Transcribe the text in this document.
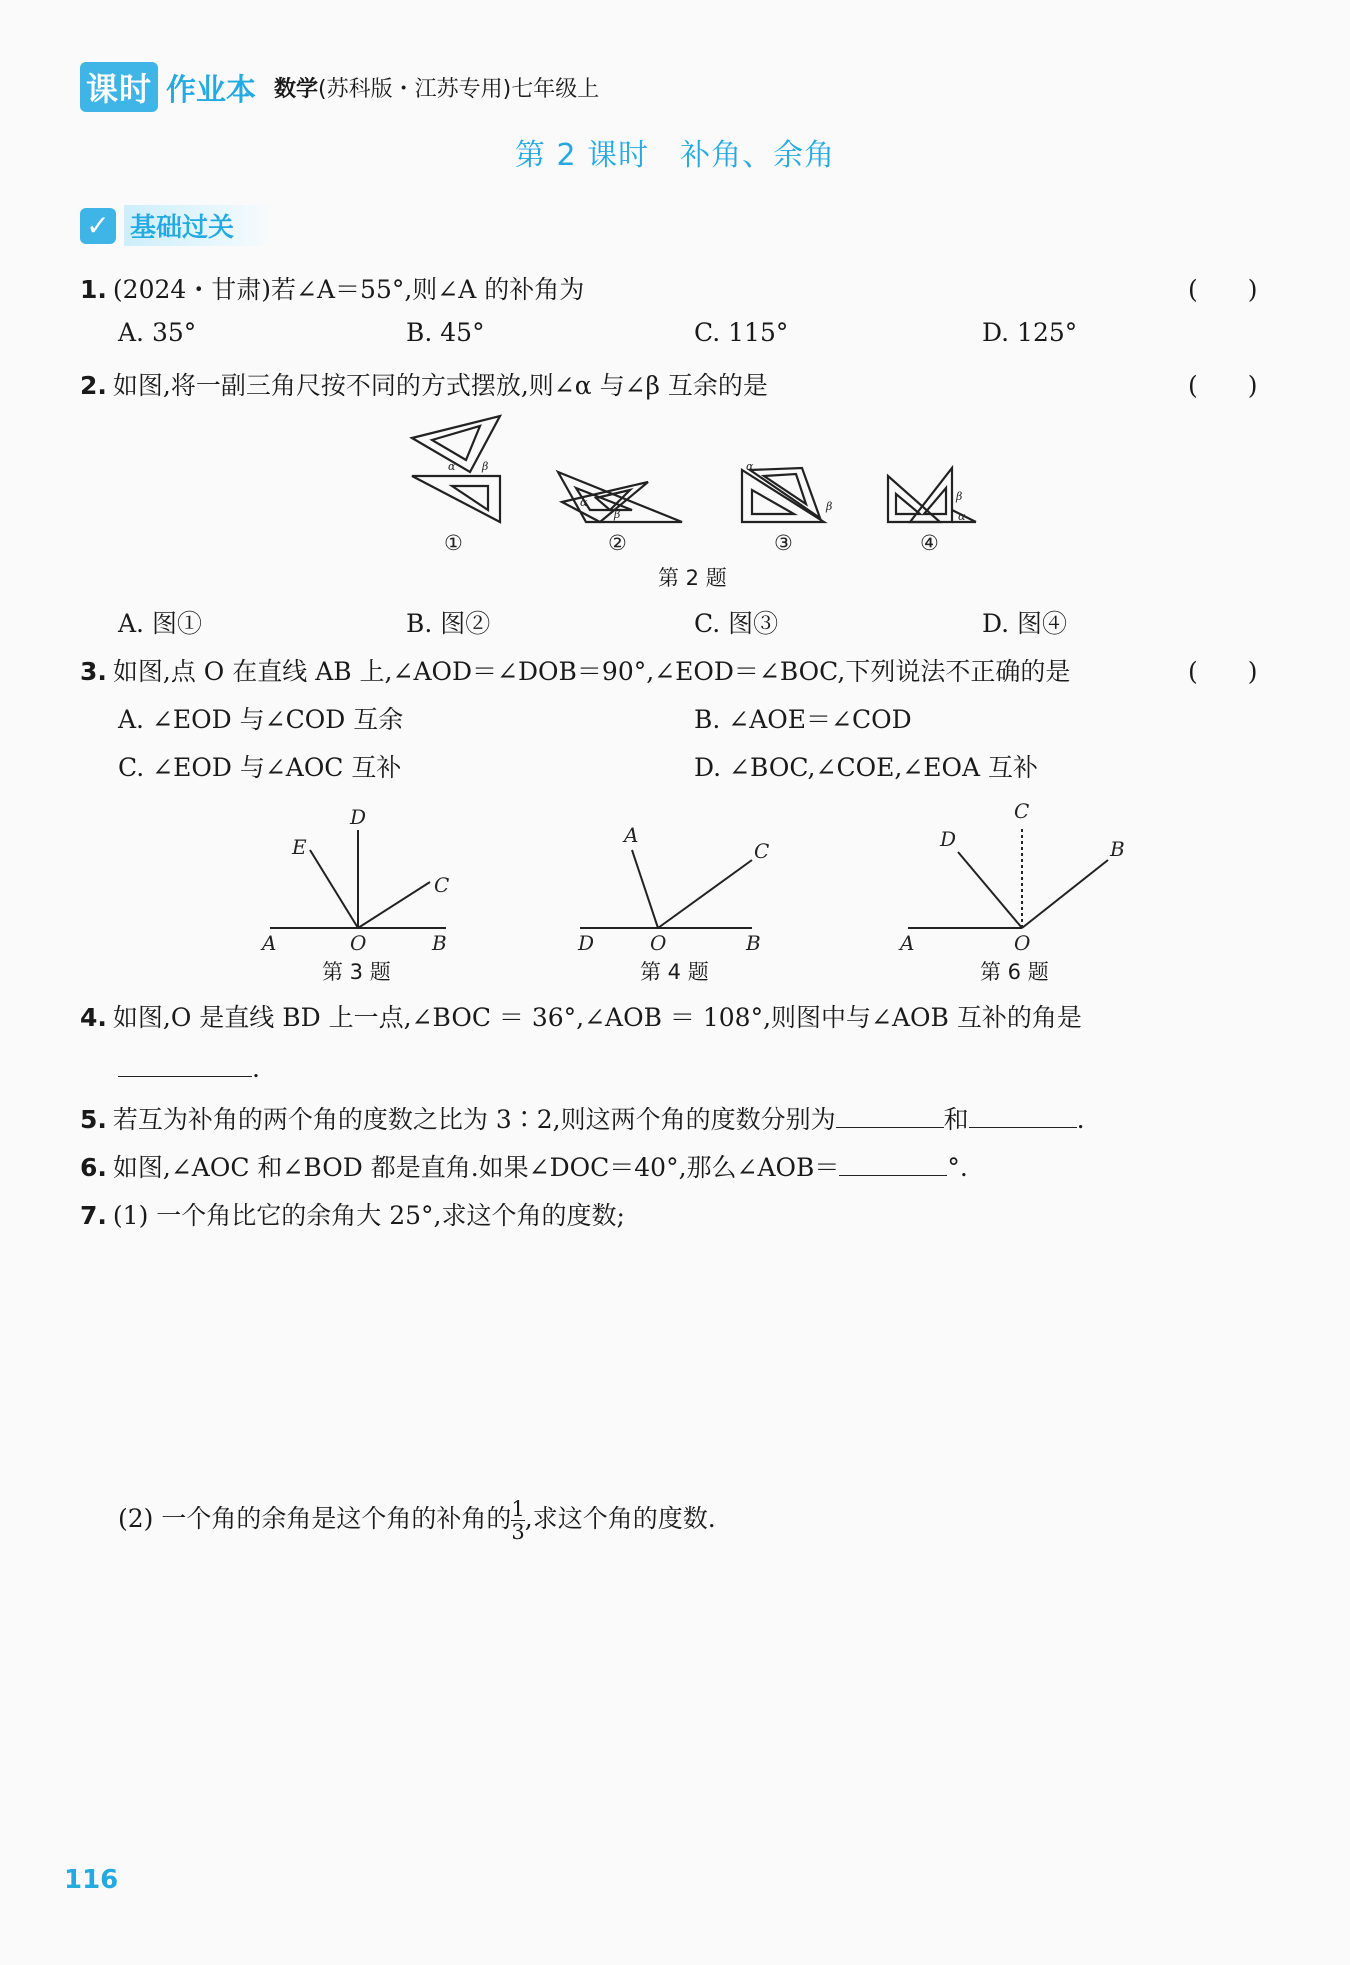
课时 作业本 数学(苏科版・江苏专用)七年级上
第 2 课时　补角、余角
✓ 基础过关
1. (2024・甘肃)若∠A＝55°,则∠A 的补角为	(　　)
A. 35°	B. 45°	C. 115°	D. 125°
2. 如图,将一副三角尺按不同的方式摆放,则∠α 与∠β 互余的是	(　　)
α β
α
β
α
β
β
α
①	②	③	④
第 2 题
A. 图①	B. 图②	C. 图③	D. 图④
3. 如图,点 O 在直线 AB 上,∠AOD＝∠DOB＝90°,∠EOD＝∠BOC,下列说法不正确的是	(　　)
A. ∠EOD 与∠COD 互余	B. ∠AOE＝∠COD
C. ∠EOD 与∠AOC 互补	D. ∠BOC,∠COE,∠EOA 互补
E
D
C
A	O	B
A
C
D	O	B
C
D	B
A	O
第 3 题	第 4 题	第 6 题
4. 如图,O 是直线 BD 上一点,∠BOC ＝ 36°,∠AOB ＝ 108°,则图中与∠AOB 互补的角是
.
5. 若互为补角的两个角的度数之比为 3∶2,则这两个角的度数分别为	和	.
6. 如图,∠AOC 和∠BOD 都是直角.如果∠DOC＝40°,那么∠AOB＝	°.
7. (1) 一个角比它的余角大 25°,求这个角的度数;
(2) 一个角的余角是这个角的补角的 $\frac{1}{3}$ ,求这个角的度数.
116
